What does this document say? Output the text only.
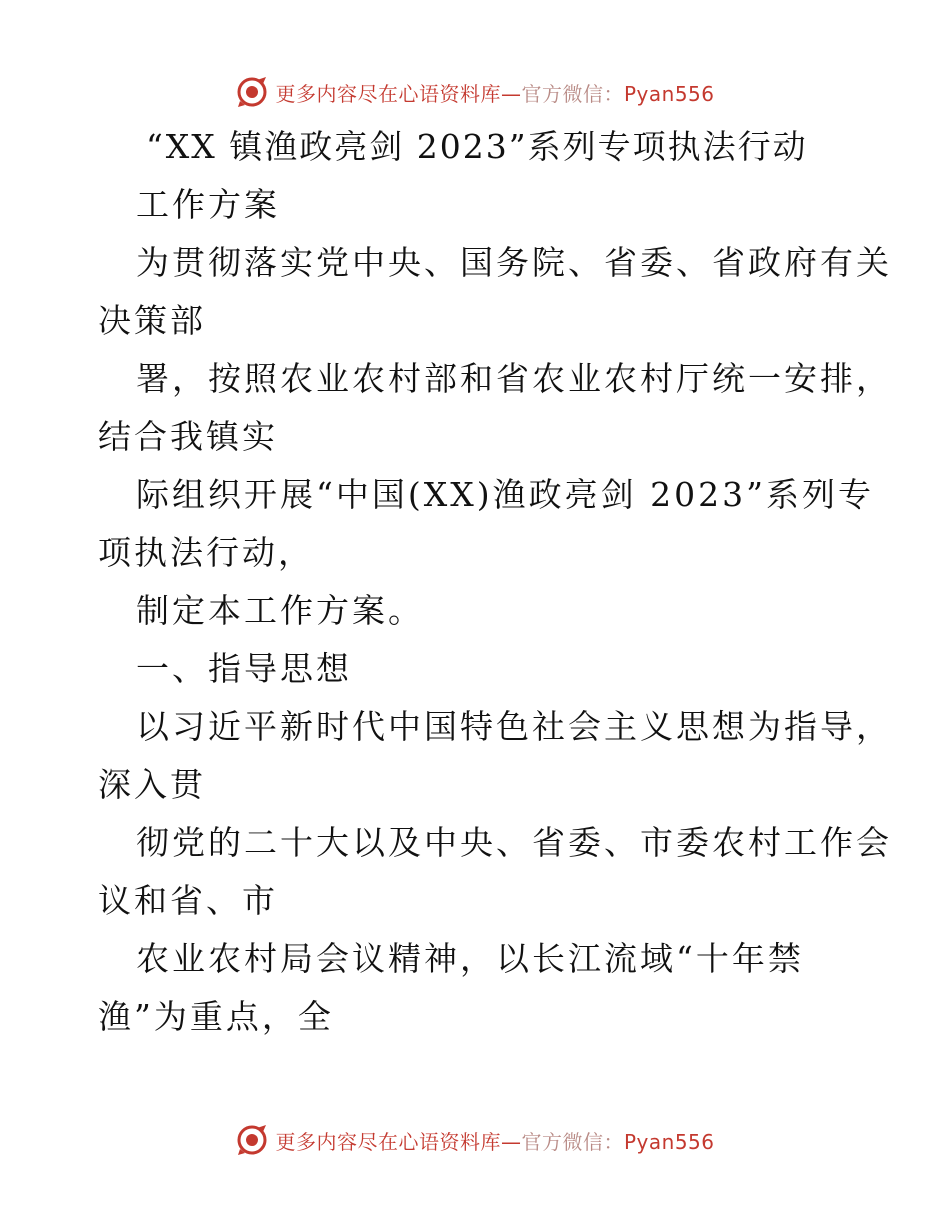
更多内容尽在心语资料库—官方微信：Pyan556
“XX 镇渔政亮剑 2023”系列专项执法行动
工作方案
为贯彻落实党中央、国务院、省委、省政府有关
决策部
署，按照农业农村部和省农业农村厅统一安排，
结合我镇实
际组织开展“中国(XX)渔政亮剑 2023”系列专
项执法行动，
制定本工作方案。
一、指导思想
以习近平新时代中国特色社会主义思想为指导，
深入贯
彻党的二十大以及中央、省委、市委农村工作会
议和省、市
农业农村局会议精神，以长江流域“十年禁
渔”为重点，全
更多内容尽在心语资料库—官方微信：Pyan556
